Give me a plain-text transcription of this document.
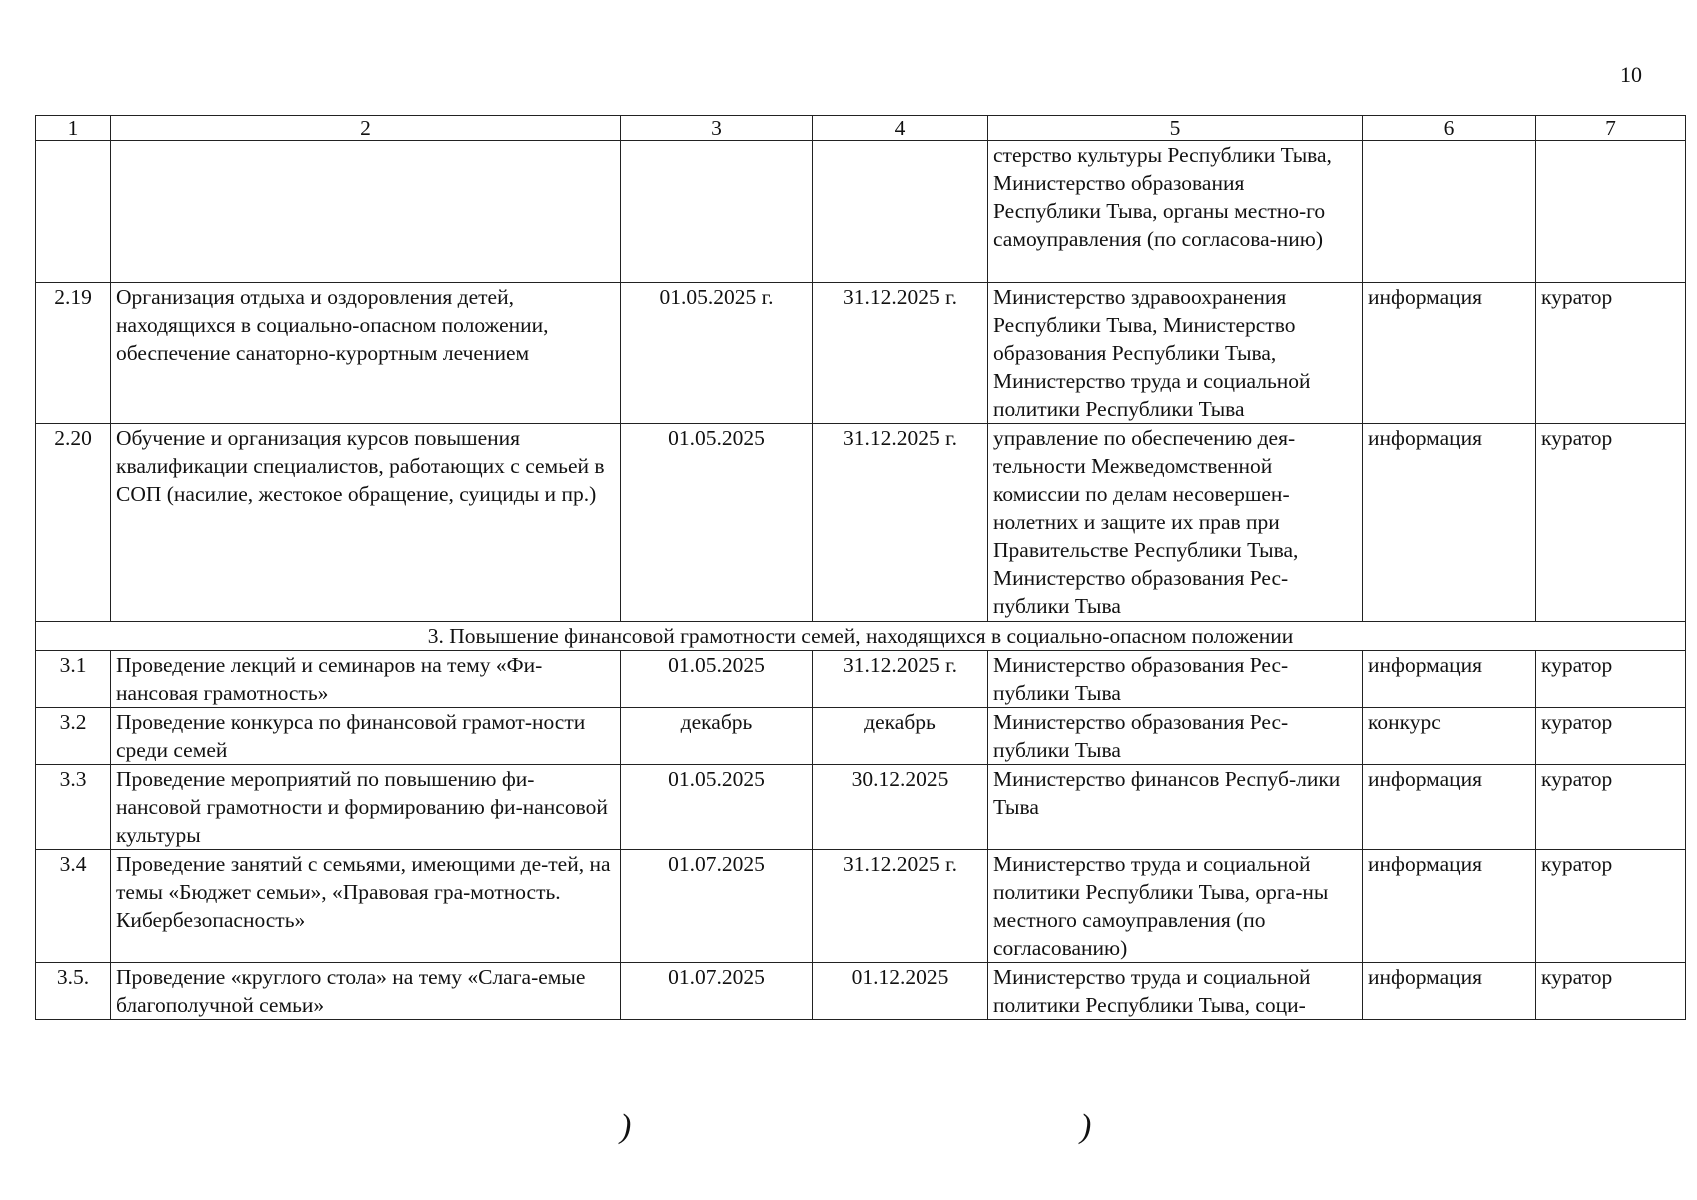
10
1	2	3	4	5	6	7
				стерство культуры Республики Тыва, Министерство образования Республики Тыва, органы местно-го самоуправления (по согласова-нию)		
2.19	Организация отдыха и оздоровления детей, находящихся в социально-опасном положении, обеспечение санаторно-курортным лечением	01.05.2025 г.	31.12.2025 г.	Министерство здравоохранения Республики Тыва, Министерство образования Республики Тыва, Министерство труда и социальной политики Республики Тыва	информация	куратор
2.20	Обучение и организация курсов повышения квалификации специалистов, работающих с семьей в СОП (насилие, жестокое обращение, суициды и пр.)	01.05.2025	31.12.2025 г.	управление по обеспечению дея-тельности Межведомственной комиссии по делам несовершен-нолетних и защите их прав при Правительстве Республики Тыва, Министерство образования Рес-публики Тыва	информация	куратор
3. Повышение финансовой грамотности семей, находящихся в социально-опасном положении						
3.1	Проведение лекций и семинаров на тему «Фи-нансовая грамотность»	01.05.2025	31.12.2025 г.	Министерство образования Рес-публики Тыва	информация	куратор
3.2	Проведение конкурса по финансовой грамот-ности среди семей	декабрь	декабрь	Министерство образования Рес-публики Тыва	конкурс	куратор
3.3	Проведение мероприятий по повышению фи-нансовой грамотности и формированию фи-нансовой культуры	01.05.2025	30.12.2025	Министерство финансов Респуб-лики Тыва	информация	куратор
3.4	Проведение занятий с семьями, имеющими де-тей, на темы «Бюджет семьи», «Правовая гра-мотность. Кибербезопасность»	01.07.2025	31.12.2025 г.	Министерство труда и социальной политики Республики Тыва, орга-ны местного самоуправления (по согласованию)	информация	куратор
3.5.	Проведение «круглого стола» на тему «Слага-емые благополучной семьи»	01.07.2025	01.12.2025	Министерство труда и социальной политики Республики Тыва, соци-	информация	куратор
)	)
